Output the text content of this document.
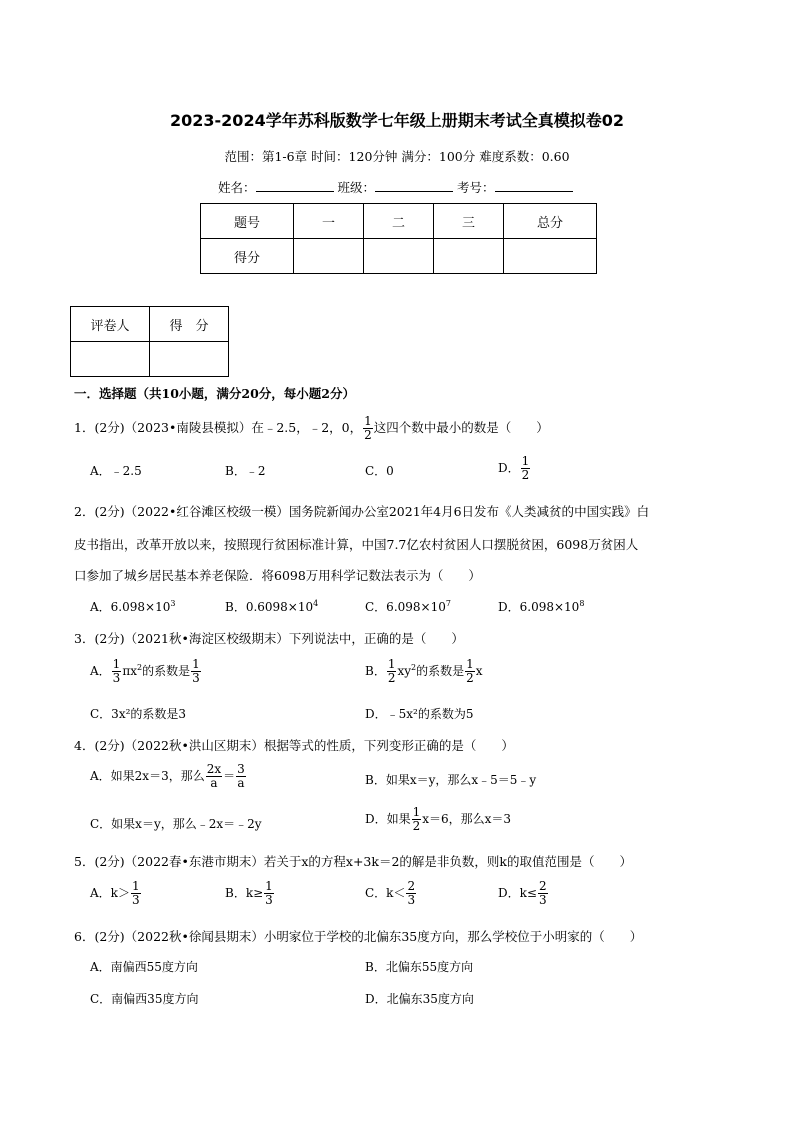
2023-2024学年苏科版数学七年级上册期末考试全真模拟卷02
范围：第1-6章 时间：120分钟 满分：100分 难度系数：0.60
姓名：	班级：	考号：
题号	一	二	三	总分
得分				
评卷人	得　分

一．选择题（共10小题，满分20分，每小题2分）
1．(2分)（2023•南陵县模拟）在﹣2.5，﹣2，0， $\frac{1}{2}$ 这四个数中最小的数是（　　）
A．﹣2.5	B．﹣2	C．0	D． $\frac{1}{2}$
2．(2分)（2022•红谷滩区校级一模）国务院新闻办公室2021年4月6日发布《人类减贫的中国实践》白
皮书指出，改革开放以来，按照现行贫困标准计算，中国7.7亿农村贫困人口摆脱贫困，6098万贫困人
口参加了城乡居民基本养老保险．将6098万用科学记数法表示为（　　）
A．$6.098\times 10^3$	B．$0.6098\times 10^4$	C．$6.098\times 10^7$	D．$6.098\times 10^8$
3．(2分)（2021秋•海淀区校级期末）下列说法中，正确的是（　　）
A． $\frac{1}{3} \pi x^2$的系数是 $\frac{1}{3}$	B． $\frac{1}{2} xy^2$的系数是 $\frac{1}{2}$ x
C．3x²的系数是3	D．﹣5x²的系数为5
4．(2分)（2022秋•洪山区期末）根据等式的性质，下列变形正确的是（　　）
A．如果2x＝3，那么 $\frac{2x}{a} = \frac{3}{a}$	B．如果x＝y，那么x﹣5＝5﹣y
C．如果x＝y，那么﹣2x＝﹣2y	D．如果 $\frac{1}{2} x=6$，那么x＝3
5．(2分)（2022春•东港市期末）若关于x的方程x+3k＝2的解是非负数，则k的取值范围是（　　）
A．$k> \frac{1}{3}$	B．$k\ge \frac{1}{3}$	C．$k< \frac{2}{3}$	D．$k\le \frac{2}{3}$
6．(2分)（2022秋•徐闻县期末）小明家位于学校的北偏东35度方向，那么学校位于小明家的（　　）
A．南偏西55度方向	B．北偏东55度方向
C．南偏西35度方向	D．北偏东35度方向
